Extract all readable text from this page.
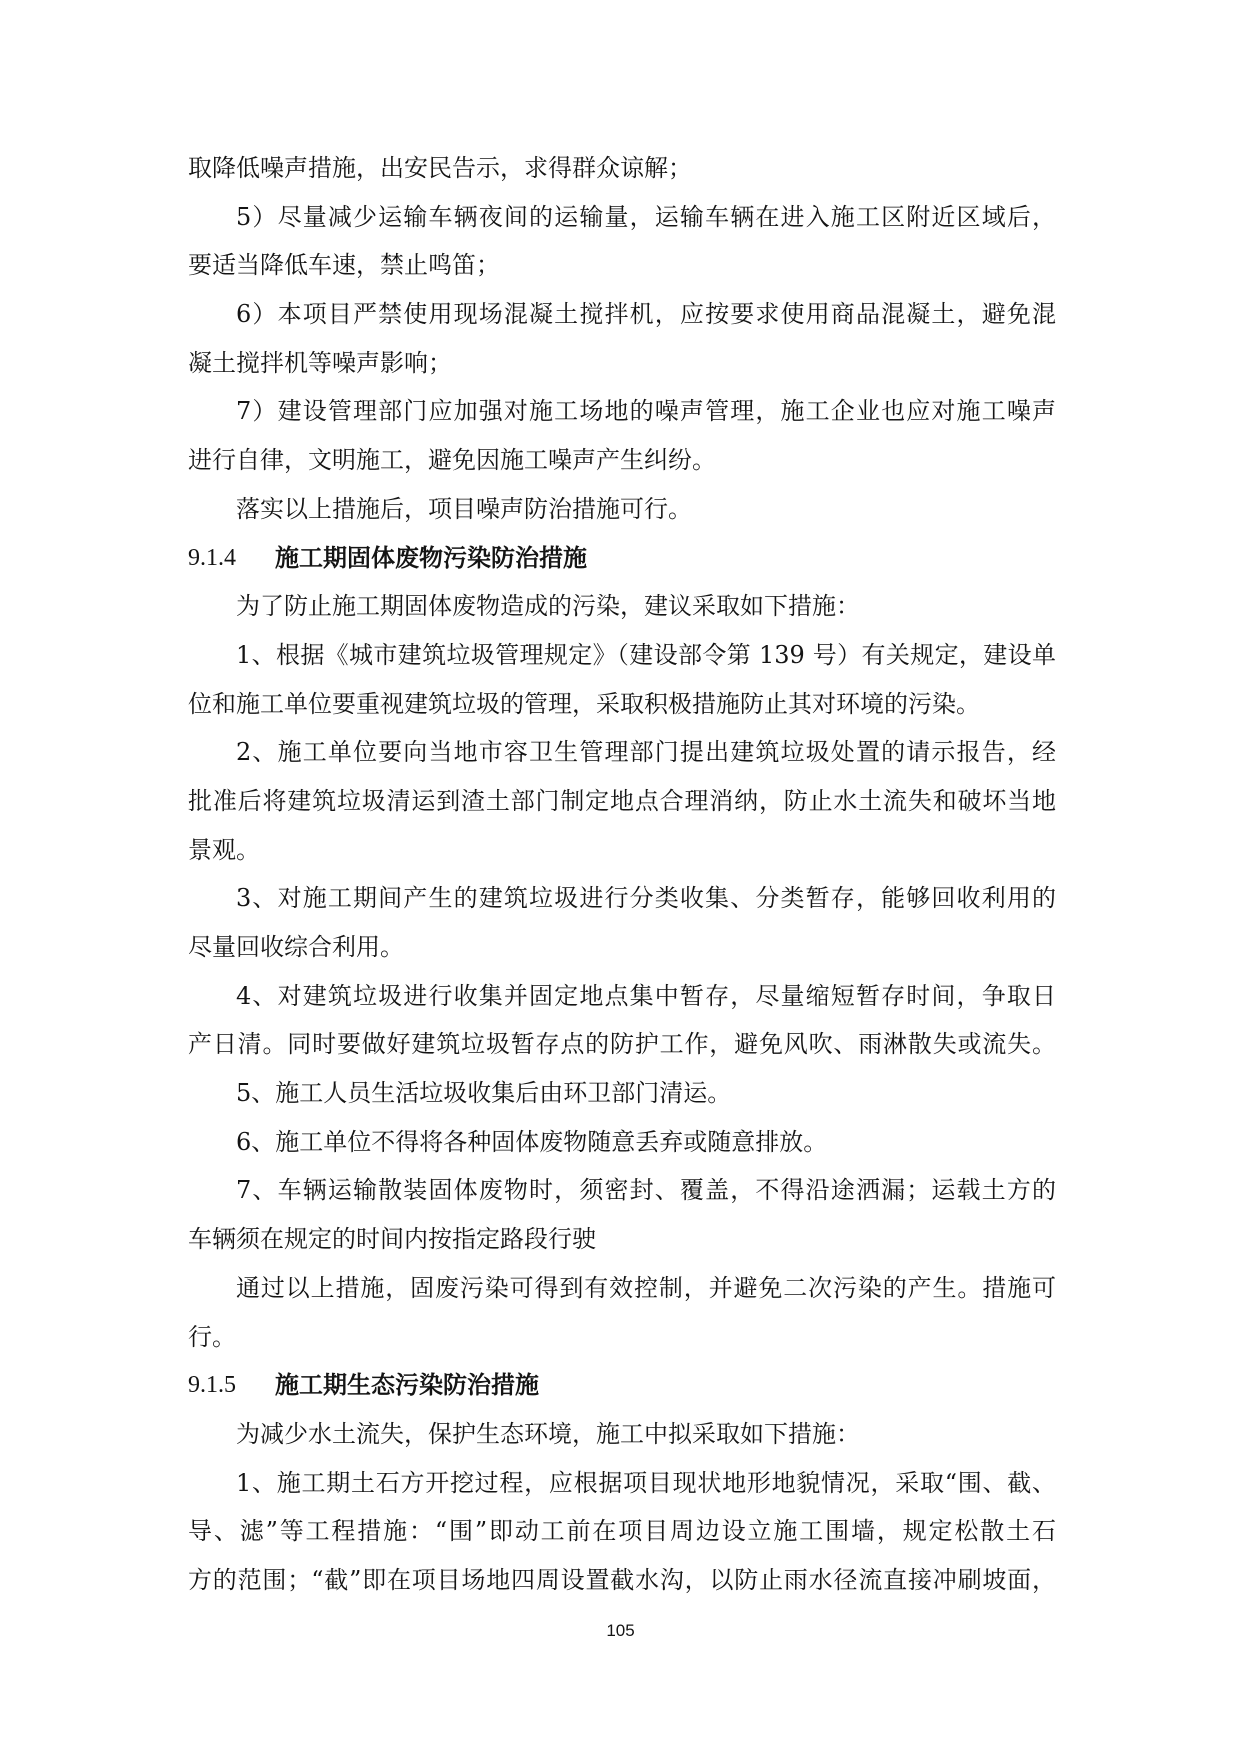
取降低噪声措施，出安民告示，求得群众谅解；
5）尽量减少运输车辆夜间的运输量，运输车辆在进入施工区附近区域后，
要适当降低车速，禁止鸣笛；
6）本项目严禁使用现场混凝土搅拌机，应按要求使用商品混凝土，避免混
凝土搅拌机等噪声影响；
7）建设管理部门应加强对施工场地的噪声管理，施工企业也应对施工噪声
进行自律，文明施工，避免因施工噪声产生纠纷。
落实以上措施后，项目噪声防治措施可行。
9.1.4	施工期固体废物污染防治措施
为了防止施工期固体废物造成的污染，建议采取如下措施：
1、根据《城市建筑垃圾管理规定》（建设部令第 139 号）有关规定，建设单
位和施工单位要重视建筑垃圾的管理，采取积极措施防止其对环境的污染。
2、施工单位要向当地市容卫生管理部门提出建筑垃圾处置的请示报告，经
批准后将建筑垃圾清运到渣土部门制定地点合理消纳，防止水土流失和破坏当地
景观。
3、对施工期间产生的建筑垃圾进行分类收集、分类暂存，能够回收利用的
尽量回收综合利用。
4、对建筑垃圾进行收集并固定地点集中暂存，尽量缩短暂存时间，争取日
产日清。同时要做好建筑垃圾暂存点的防护工作，避免风吹、雨淋散失或流失。
5、施工人员生活垃圾收集后由环卫部门清运。
6、施工单位不得将各种固体废物随意丢弃或随意排放。
7、车辆运输散装固体废物时，须密封、覆盖，不得沿途洒漏；运载土方的
车辆须在规定的时间内按指定路段行驶
通过以上措施，固废污染可得到有效控制，并避免二次污染的产生。措施可
行。
9.1.5	施工期生态污染防治措施
为减少水土流失，保护生态环境，施工中拟采取如下措施：
1、施工期土石方开挖过程，应根据项目现状地形地貌情况，采取“围、截、
导、滤”等工程措施：“围”即动工前在项目周边设立施工围墙，规定松散土石
方的范围；“截”即在项目场地四周设置截水沟，以防止雨水径流直接冲刷坡面，
105
